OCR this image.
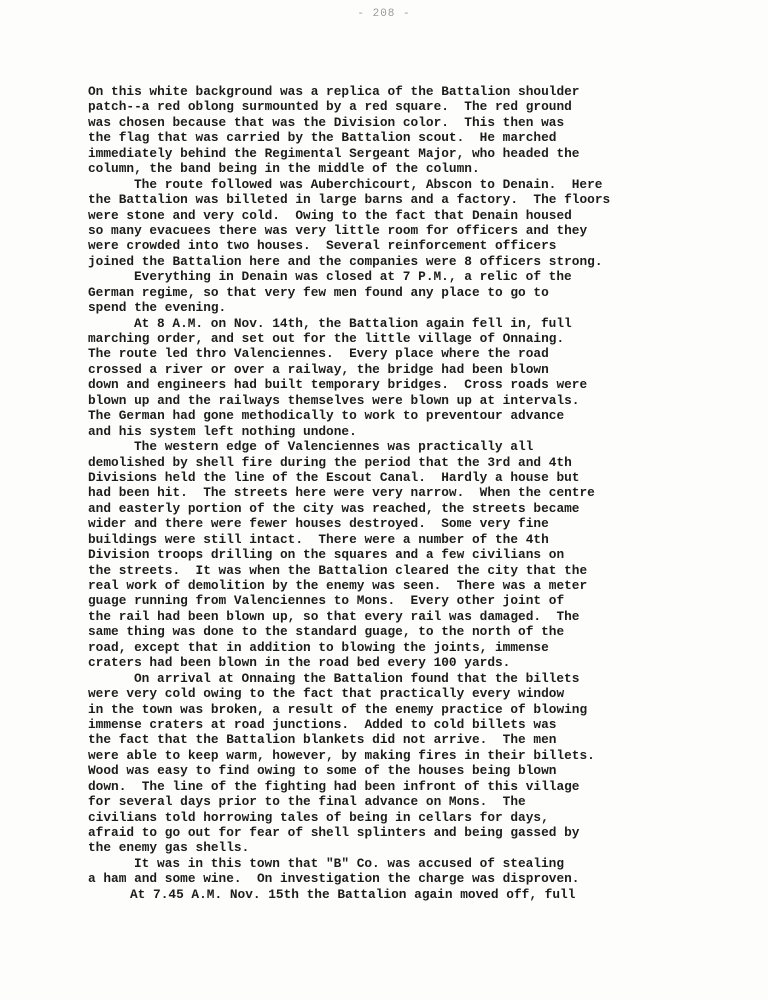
- 208 -
On this white background was a replica of the Battalion shoulder
patch--a red oblong surmounted by a red square.  The red ground
was chosen because that was the Division color.  This then was
the flag that was carried by the Battalion scout.  He marched
immediately behind the Regimental Sergeant Major, who headed the
column, the band being in the middle of the column.
The route followed was Auberchicourt, Abscon to Denain.  Here
the Battalion was billeted in large barns and a factory.  The floors
were stone and very cold.  Owing to the fact that Denain housed
so many evacuees there was very little room for officers and they
were crowded into two houses.  Several reinforcement officers
joined the Battalion here and the companies were 8 officers strong.
Everything in Denain was closed at 7 P.M., a relic of the
German regime, so that very few men found any place to go to
spend the evening.
At 8 A.M. on Nov. 14th, the Battalion again fell in, full
marching order, and set out for the little village of Onnaing.
The route led thro Valenciennes.  Every place where the road
crossed a river or over a railway, the bridge had been blown
down and engineers had built temporary bridges.  Cross roads were
blown up and the railways themselves were blown up at intervals.
The German had gone methodically to work to preventour advance
and his system left nothing undone.
The western edge of Valenciennes was practically all
demolished by shell fire during the period that the 3rd and 4th
Divisions held the line of the Escout Canal.  Hardly a house but
had been hit.  The streets here were very narrow.  When the centre
and easterly portion of the city was reached, the streets became
wider and there were fewer houses destroyed.  Some very fine
buildings were still intact.  There were a number of the 4th
Division troops drilling on the squares and a few civilians on
the streets.  It was when the Battalion cleared the city that the
real work of demolition by the enemy was seen.  There was a meter
guage running from Valenciennes to Mons.  Every other joint of
the rail had been blown up, so that every rail was damaged.  The
same thing was done to the standard guage, to the north of the
road, except that in addition to blowing the joints, immense
craters had been blown in the road bed every 100 yards.
On arrival at Onnaing the Battalion found that the billets
were very cold owing to the fact that practically every window
in the town was broken, a result of the enemy practice of blowing
immense craters at road junctions.  Added to cold billets was
the fact that the Battalion blankets did not arrive.  The men
were able to keep warm, however, by making fires in their billets.
Wood was easy to find owing to some of the houses being blown
down.  The line of the fighting had been infront of this village
for several days prior to the final advance on Mons.  The
civilians told horrowing tales of being in cellars for days,
afraid to go out for fear of shell splinters and being gassed by
the enemy gas shells.
It was in this town that "B" Co. was accused of stealing
a ham and some wine.  On investigation the charge was disproven.
At 7.45 A.M. Nov. 15th the Battalion again moved off, full
